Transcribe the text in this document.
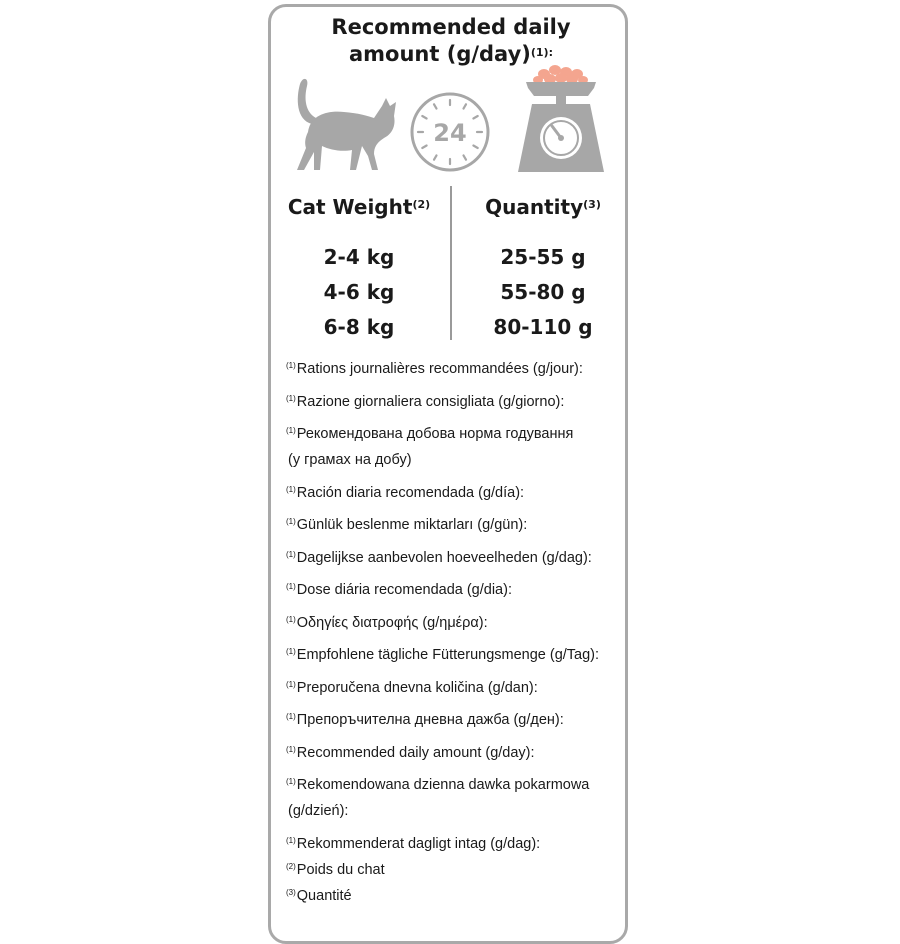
Recommended daily
amount $(g/day)^{(1):}$
24
Cat Weight$^{(2)}$	Quantity$^{(3)}$
2-4 kg
4-6 kg
6-8 kg
25-55 g
55-80 g
80-110 g
$^{(1)}$Rations journalières recommandées (g/jour):
$^{(1)}$Razione giornaliera consigliata (g/giorno):
$^{(1)}$Рекомендована добова норма годування
(у грамах на добу)
$^{(1)}$Ración diaria recomendada (g/día):
$^{(1)}$Günlük beslenme miktarları (g/gün):
$^{(1)}$Dagelijkse aanbevolen hoeveelheden (g/dag):
$^{(1)}$Dose diária recomendada (g/dia):
$^{(1)}$Οδηγίες διατροφής (g/ημέρα):
$^{(1)}$Empfohlene tägliche Fütterungsmenge (g/Tag):
$^{(1)}$Preporučena dnevna količina (g/dan):
$^{(1)}$Препоръчителна дневна дажба (g/ден):
$^{(1)}$Recommended daily amount (g/day):
$^{(1)}$Rekomendowana dzienna dawka pokarmowa
(g/dzień):
$^{(1)}$Rekommenderat dagligt intag (g/dag):
$^{(2)}$Poids du chat
$^{(3)}$Quantité
